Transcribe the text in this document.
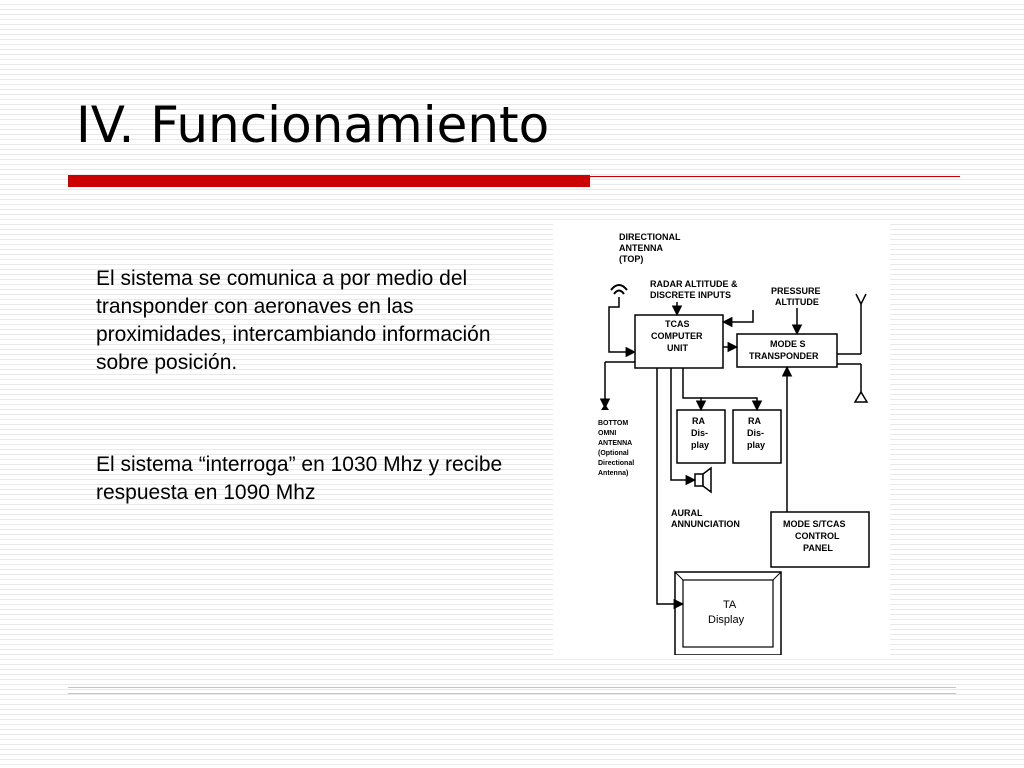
IV. Funcionamiento

El sistema se comunica a por medio del transponder con aeronaves en las proximidades, intercambiando información sobre posición.

El sistema “interroga” en 1030 Mhz y recibe respuesta en 1090 Mhz

DIRECTIONAL
ANTENNA
(TOP)
RADAR ALTITUDE &
DISCRETE INPUTS	PRESSURE
ALTITUDE
TCAS
COMPUTER
UNIT	MODE S
TRANSPONDER
BOTTOM
OMNI
ANTENNA
(Optional
Directional
Antenna)
RA
Dis-
play
RA
Dis-
play
AURAL
ANNUNCIATION	MODE S/TCAS
CONTROL
PANEL
TA
Display
